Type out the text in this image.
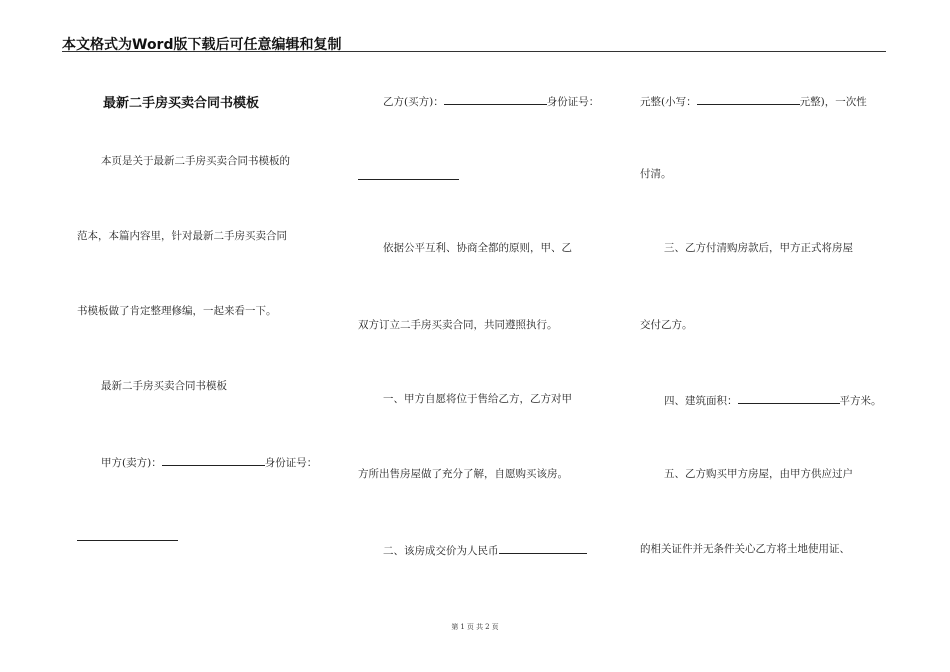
本文格式为Word版下载后可任意编辑和复制
最新二手房买卖合同书模板
本页是关于最新二手房买卖合同书模板的
范本，本篇内容里，针对最新二手房买卖合同
书模板做了肯定整理修编，一起来看一下。
最新二手房买卖合同书模板
甲方(卖方)：	身份证号：
乙方(买方)：	身份证号：
依据公平互利、协商全都的原则，甲、乙
双方订立二手房买卖合同，共同遵照执行。
一、甲方自愿将位于售给乙方，乙方对甲
方所出售房屋做了充分了解，自愿购买该房。
二、该房成交价为人民币
元整(小写：	元整)，一次性
付清。
三、乙方付清购房款后，甲方正式将房屋
交付乙方。
四、建筑面积：	平方米。
五、乙方购买甲方房屋，由甲方供应过户
的相关证件并无条件关心乙方将土地使用证、
第 1 页 共 2 页
